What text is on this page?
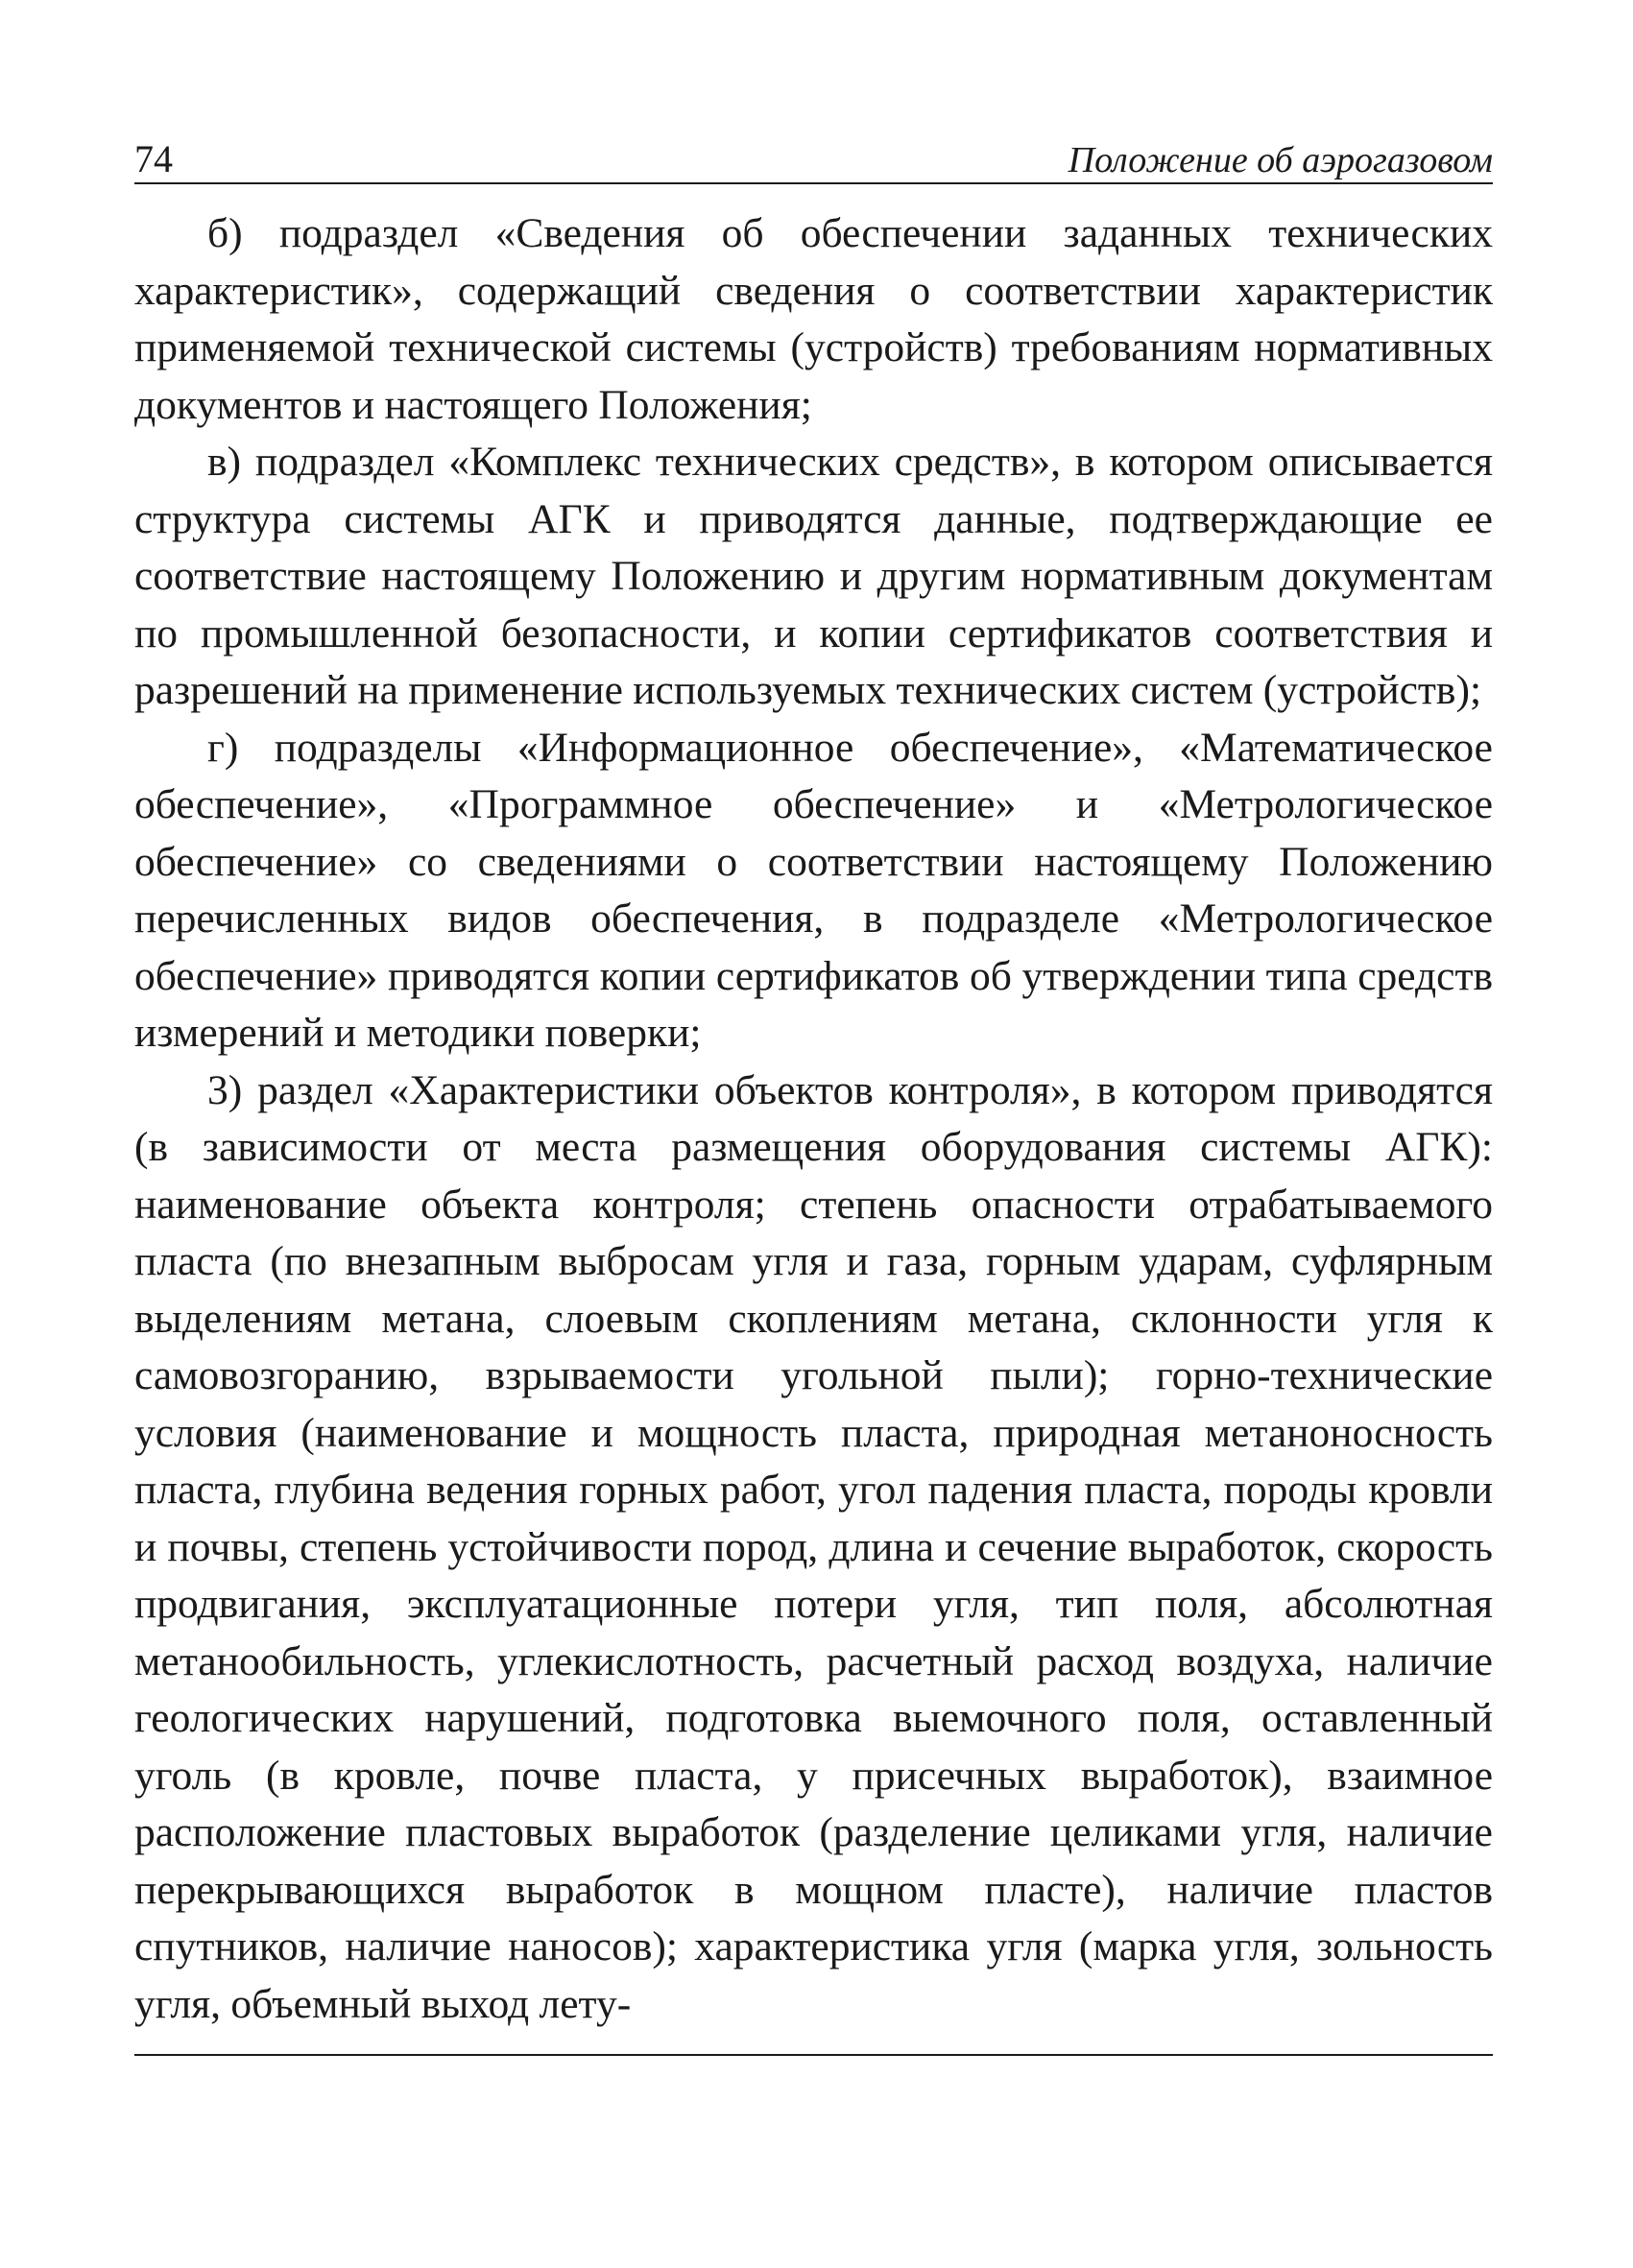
74	Положение об аэрогазовом

б) подраздел «Сведения об обеспечении заданных технических характеристик», содержащий сведения о соответствии характеристик применяемой технической системы (устройств) требованиям нормативных документов и настоящего Положения;

в) подраздел «Комплекс технических средств», в котором описывается структура системы АГК и приводятся данные, подтверждающие ее соответствие настоящему Положению и другим нормативным документам по промышленной безопасности, и копии сертификатов соответствия и разрешений на применение используемых технических систем (устройств);

г) подразделы «Информационное обеспечение», «Математическое обеспечение», «Программное обеспечение» и «Метрологическое обеспечение» со сведениями о соответствии настоящему Положению перечисленных видов обеспечения, в подразделе «Метрологическое обеспечение» приводятся копии сертификатов об утверждении типа средств измерений и методики поверки;

3) раздел «Характеристики объектов контроля», в котором приводятся (в зависимости от места размещения оборудования системы АГК): наименование объекта контроля; степень опасности отрабатываемого пласта (по внезапным выбросам угля и газа, горным ударам, суфлярным выделениям метана, слоевым скоплениям метана, склонности угля к самовозгоранию, взрываемости угольной пыли); горно-технические условия (наименование и мощность пласта, природная метаноносность пласта, глубина ведения горных работ, угол падения пласта, породы кровли и почвы, степень устойчивости пород, длина и сечение выработок, скорость продвигания, эксплуатационные потери угля, тип поля, абсолютная метанообильность, углекислотность, расчетный расход воздуха, наличие геологических нарушений, подготовка выемочного поля, оставленный уголь (в кровле, почве пласта, у присечных выработок), взаимное расположение пластовых выработок (разделение целиками угля, наличие перекрывающихся выработок в мощном пласте), наличие пластов спутников, наличие наносов); характеристика угля (марка угля, зольность угля, объемный выход лету-
